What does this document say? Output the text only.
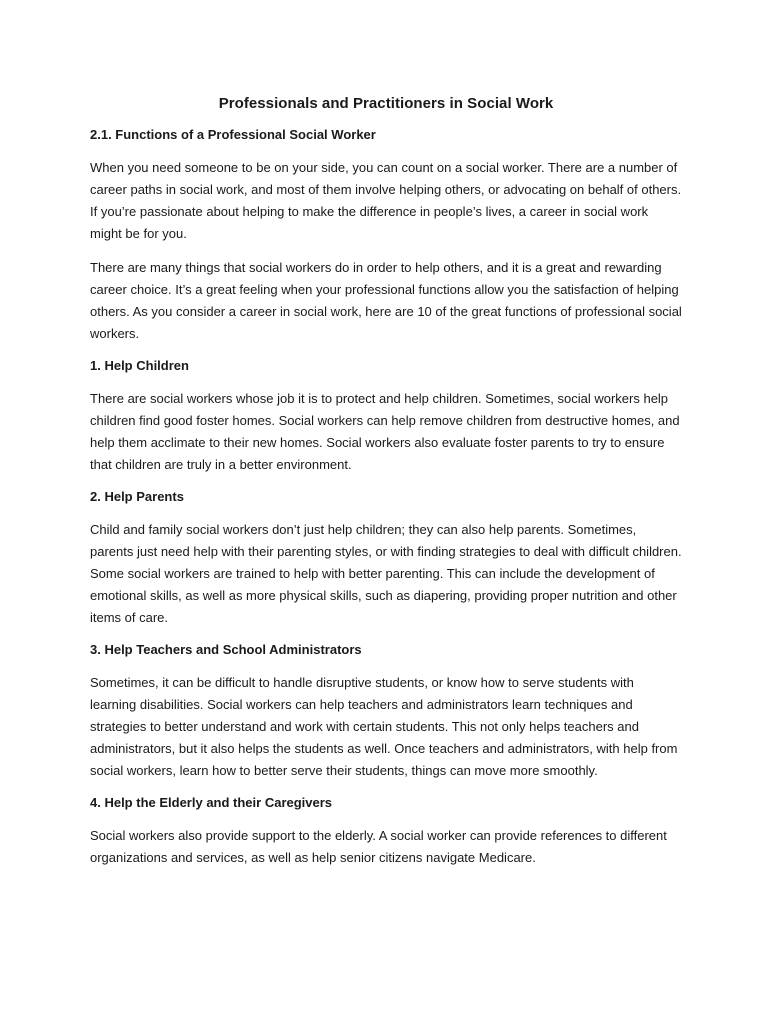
Professionals and Practitioners in Social Work
2.1. Functions of a Professional Social Worker

When you need someone to be on your side, you can count on a social worker. There are a number of career paths in social work, and most of them involve helping others, or advocating on behalf of others. If you’re passionate about helping to make the difference in people’s lives, a career in social work might be for you.

There are many things that social workers do in order to help others, and it is a great and rewarding career choice. It’s a great feeling when your professional functions allow you the satisfaction of helping others. As you consider a career in social work, here are 10 of the great functions of professional social workers.

1. Help Children

There are social workers whose job it is to protect and help children. Sometimes, social workers help children find good foster homes. Social workers can help remove children from destructive homes, and help them acclimate to their new homes. Social workers also evaluate foster parents to try to ensure that children are truly in a better environment.

2. Help Parents

Child and family social workers don’t just help children; they can also help parents. Sometimes, parents just need help with their parenting styles, or with finding strategies to deal with difficult children. Some social workers are trained to help with better parenting. This can include the development of emotional skills, as well as more physical skills, such as diapering, providing proper nutrition and other items of care.

3. Help Teachers and School Administrators

Sometimes, it can be difficult to handle disruptive students, or know how to serve students with learning disabilities. Social workers can help teachers and administrators learn techniques and strategies to better understand and work with certain students. This not only helps teachers and administrators, but it also helps the students as well. Once teachers and administrators, with help from social workers, learn how to better serve their students, things can move more smoothly.

4. Help the Elderly and their Caregivers

Social workers also provide support to the elderly. A social worker can provide references to different organizations and services, as well as help senior citizens navigate Medicare.
